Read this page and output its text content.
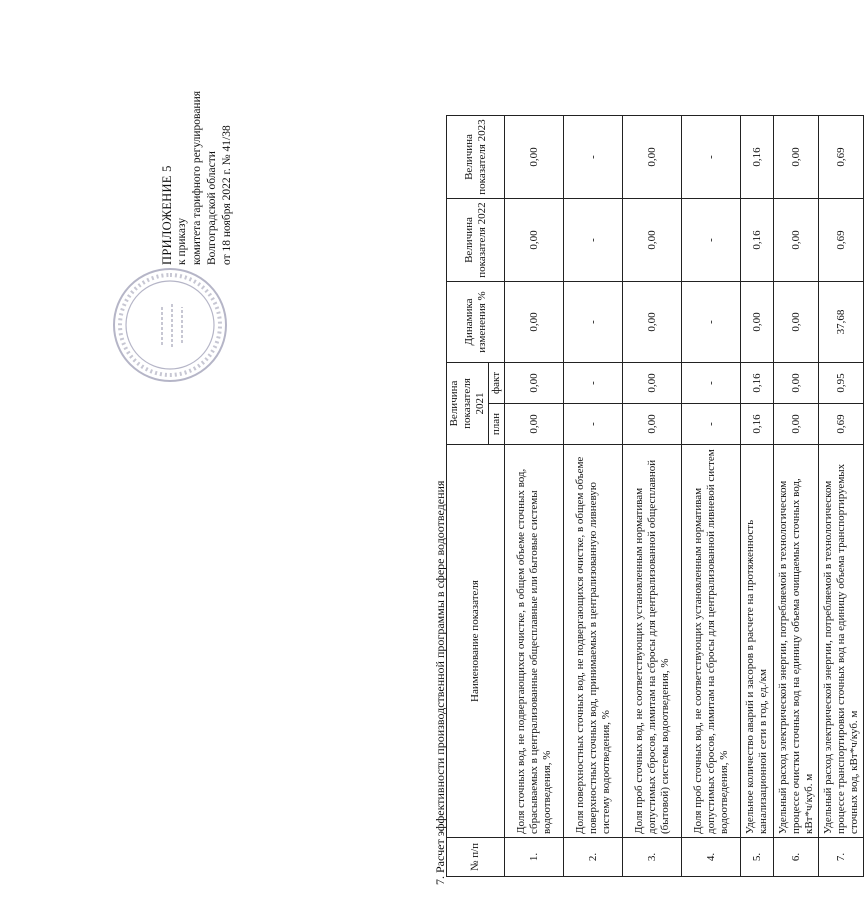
ПРИЛОЖЕНИЕ 5 к приказу комитета тарифного регулирования Волгоградской области от 18 ноября 2022 г. № 41/38
7. Расчет эффективности производственной программы в сфере водоотведения № п/п	Наименование показателя	Величина показателя 2021		Динамика изменения %	Величина показателя 2022	Величина показателя 2023
		план	факт			
1.	Доля сточных вод, не подвергающихся очистке, в общем объеме сточных вод, сбрасываемых в централизованные общесплавные или бытовые системы водоотведения, %	0,00	0,00	0,00	0,00	0,00
2.	Доля поверхностных сточных вод, не подвергающихся очистке, в общем объеме поверхностных сточных вод, принимаемых в централизованную ливневую систему водоотведения, %	-	-	-	-	-
3.	Доля проб сточных вод, не соответствующих установленным нормативам допустимых сбросов, лимитам на сбросы для централизованной общесплавной (бытовой) системы водоотведения, %	0,00	0,00	0,00	0,00	0,00
4.	Доля проб сточных вод, не соответствующих установленным нормативам допустимых сбросов, лимитам на сбросы для централизованной ливневой систем водоотведения, %	-	-	-	-	-
5.	Удельное количество аварий и засоров в расчете на протяженность канализационной сети в год, ед./км	0,16	0,16	0,00	0,16	0,16
6.	Удельный расход электрической энергии, потребляемой в технологическом процессе очистки сточных вод на единицу объема очищаемых сточных вод, кВт*ч/куб. м	0,00	0,00	0,00	0,00	0,00
7.	Удельный расход электрической энергии, потребляемой в технологическом процессе транспортировки сточных вод на единицу объема транспортируемых сточных вод, кВт*ч/куб. м	0,69	0,95	37,68	0,69	0,69
